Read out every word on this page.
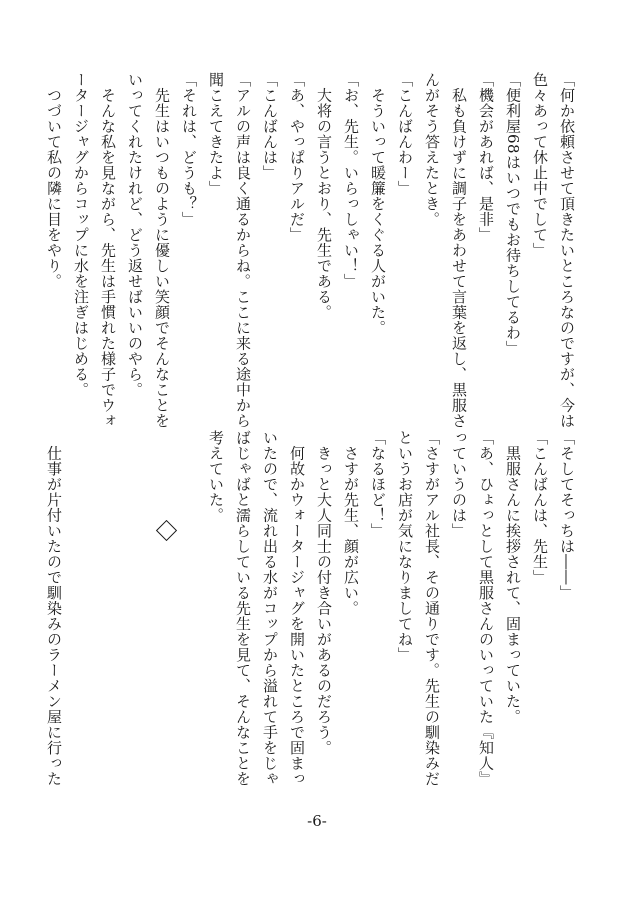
「何か依頼させて頂きたいところなのですが、今は
色々あって休止中でして」
「便利屋68はいつでもお待ちしてるわ」
「機会があれば、是非」
　私も負けずに調子をあわせて言葉を返し、黒服さ
んがそう答えたとき。
「こんばんわー」
　そういって暖簾をくぐる人がいた。
「お、先生。いらっしゃい！」
　大将の言うとおり、先生である。
「あ、やっぱりアルだ」
「こんばんは」
「アルの声は良く通るからね。ここに来る途中から
聞こえてきたよ」
「それは、どうも？」
　先生はいつものように優しい笑顔でそんなことを
いってくれたけれど、どう返せばいいのやら。
　そんな私を見ながら、先生は手慣れた様子でウォ
ータージャグからコップに水を注ぎはじめる。
　つづいて私の隣に目をやり。
「そしてそっちは――」
「こんばんは、先生」
　黒服さんに挨拶されて、固まっていた。
「あ、ひょっとして黒服さんのいっていた『知人』
っていうのは」
「さすがアル社長、その通りです。先生の馴染みだ
というお店が気になりましてね」
「なるほど！」
　さすが先生、顔が広い。
　きっと大人同士の付き合いがあるのだろう。
　何故かウォータージャグを開いたところで固まっ
いたので、流れ出る水がコップから溢れて手をじゃ
ばじゃばと濡らしている先生を見て、そんなことを
考えていた。

　仕事が片付いたので馴染みのラーメン屋に行った
-6-
